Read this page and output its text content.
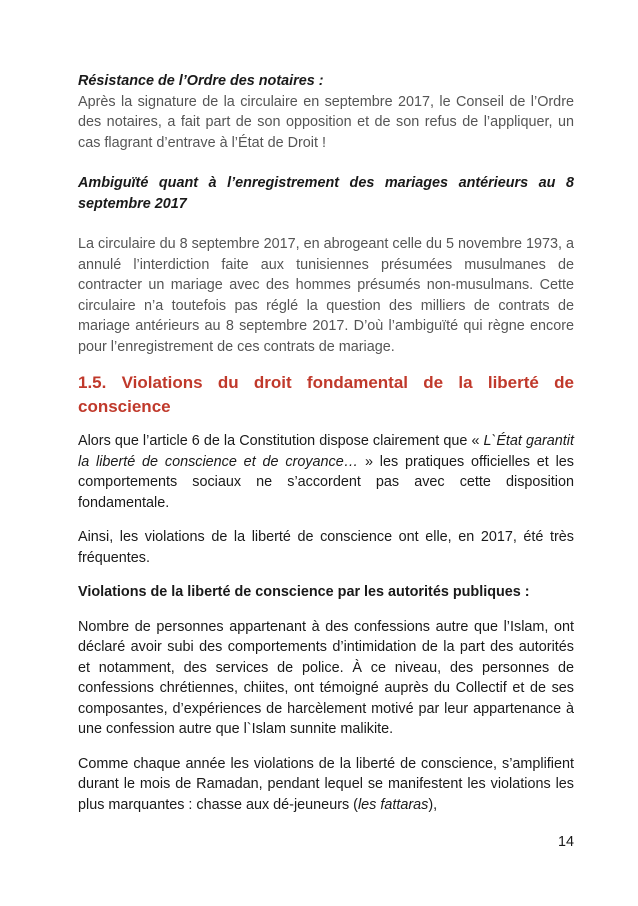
Résistance de l’Ordre des notaires :

Après la signature de la circulaire en septembre 2017, le Conseil de l’Ordre des notaires, a fait part de son opposition et de son refus de l’appliquer, un cas flagrant d’entrave à l’État de Droit !

Ambiguïté quant à l’enregistrement des mariages antérieurs au 8 septembre 2017

La circulaire du 8 septembre 2017, en abrogeant celle du 5 novembre 1973, a annulé l’interdiction faite aux tunisiennes présumées musulmanes de contracter un mariage avec des hommes présumés non-musulmans. Cette circulaire n’a toutefois pas réglé la question des milliers de contrats de mariage antérieurs au 8 septembre 2017. D’où l’ambiguïté qui règne encore pour l’enregistrement de ces contrats de mariage.

1.5. Violations du droit fondamental de la liberté de conscience

Alors que l’article 6 de la Constitution dispose clairement que « L`État garantit la liberté de conscience et de croyance… » les pratiques officielles et les comportements sociaux ne s’accordent pas avec cette disposition fondamentale.

Ainsi, les violations de la liberté de conscience ont elle, en 2017, été très fréquentes.

Violations de la liberté de conscience par les autorités publiques :

Nombre de personnes appartenant à des confessions autre que l’Islam, ont déclaré avoir subi des comportements d’intimidation de la part des autorités et notamment, des services de police. À ce niveau, des personnes de confessions chrétiennes, chiites, ont témoigné auprès du Collectif et de ses composantes, d’expériences de harcèlement motivé par leur appartenance à une confession autre que l`Islam sunnite malikite.

Comme chaque année les violations de la liberté de conscience, s’amplifient durant le mois de Ramadan, pendant lequel se manifestent les violations les plus marquantes : chasse aux dé-jeuneurs (les fattaras),

14
